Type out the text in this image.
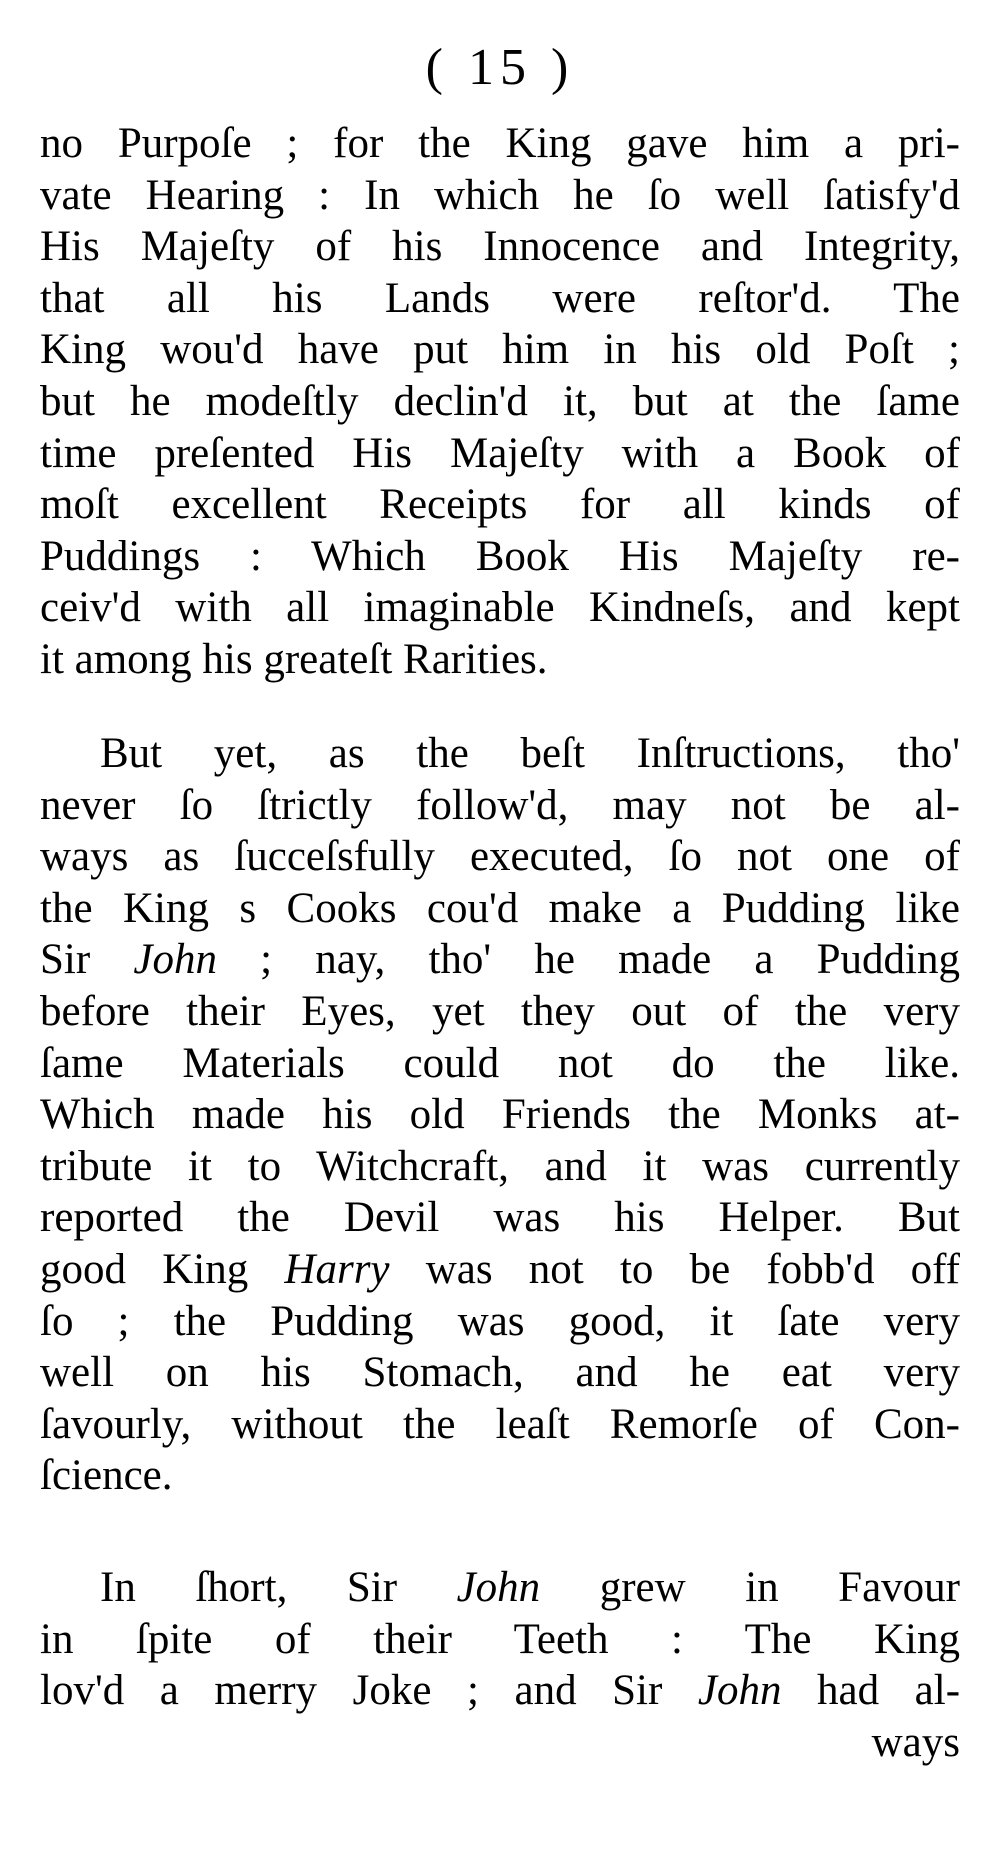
( 15 )
no Purpoſe ; for the King gave him a pri-
vate Hearing : In which he ſo well ſatisfy'd
His Majeſty of his Innocence and Integrity,
that all his Lands were reſtor'd. The
King wou'd have put him in his old Poſt ;
but he modeſtly declin'd it, but at the ſame
time preſented His Majeſty with a Book of
moſt excellent Receipts for all kinds of
Puddings : Which Book His Majeſty re-
ceiv'd with all imaginable Kindneſs, and kept
it among his greateſt Rarities.
But yet, as the beſt Inſtructions, tho'
never ſo ſtrictly follow'd, may not be al-
ways as ſucceſsfully executed, ſo not one of
the King s Cooks cou'd make a Pudding like
Sir John ; nay, tho' he made a Pudding
before their Eyes, yet they out of the very
ſame Materials could not do the like.
Which made his old Friends the Monks at-
tribute it to Witchcraft, and it was currently
reported the Devil was his Helper. But
good King Harry was not to be fobb'd off
ſo ; the Pudding was good, it ſate very
well on his Stomach, and he eat very
ſavourly, without the leaſt Remorſe of Con-
ſcience.
In ſhort, Sir John grew in Favour
in ſpite of their Teeth : The King
lov'd a merry Joke ; and Sir John had al-
ways
